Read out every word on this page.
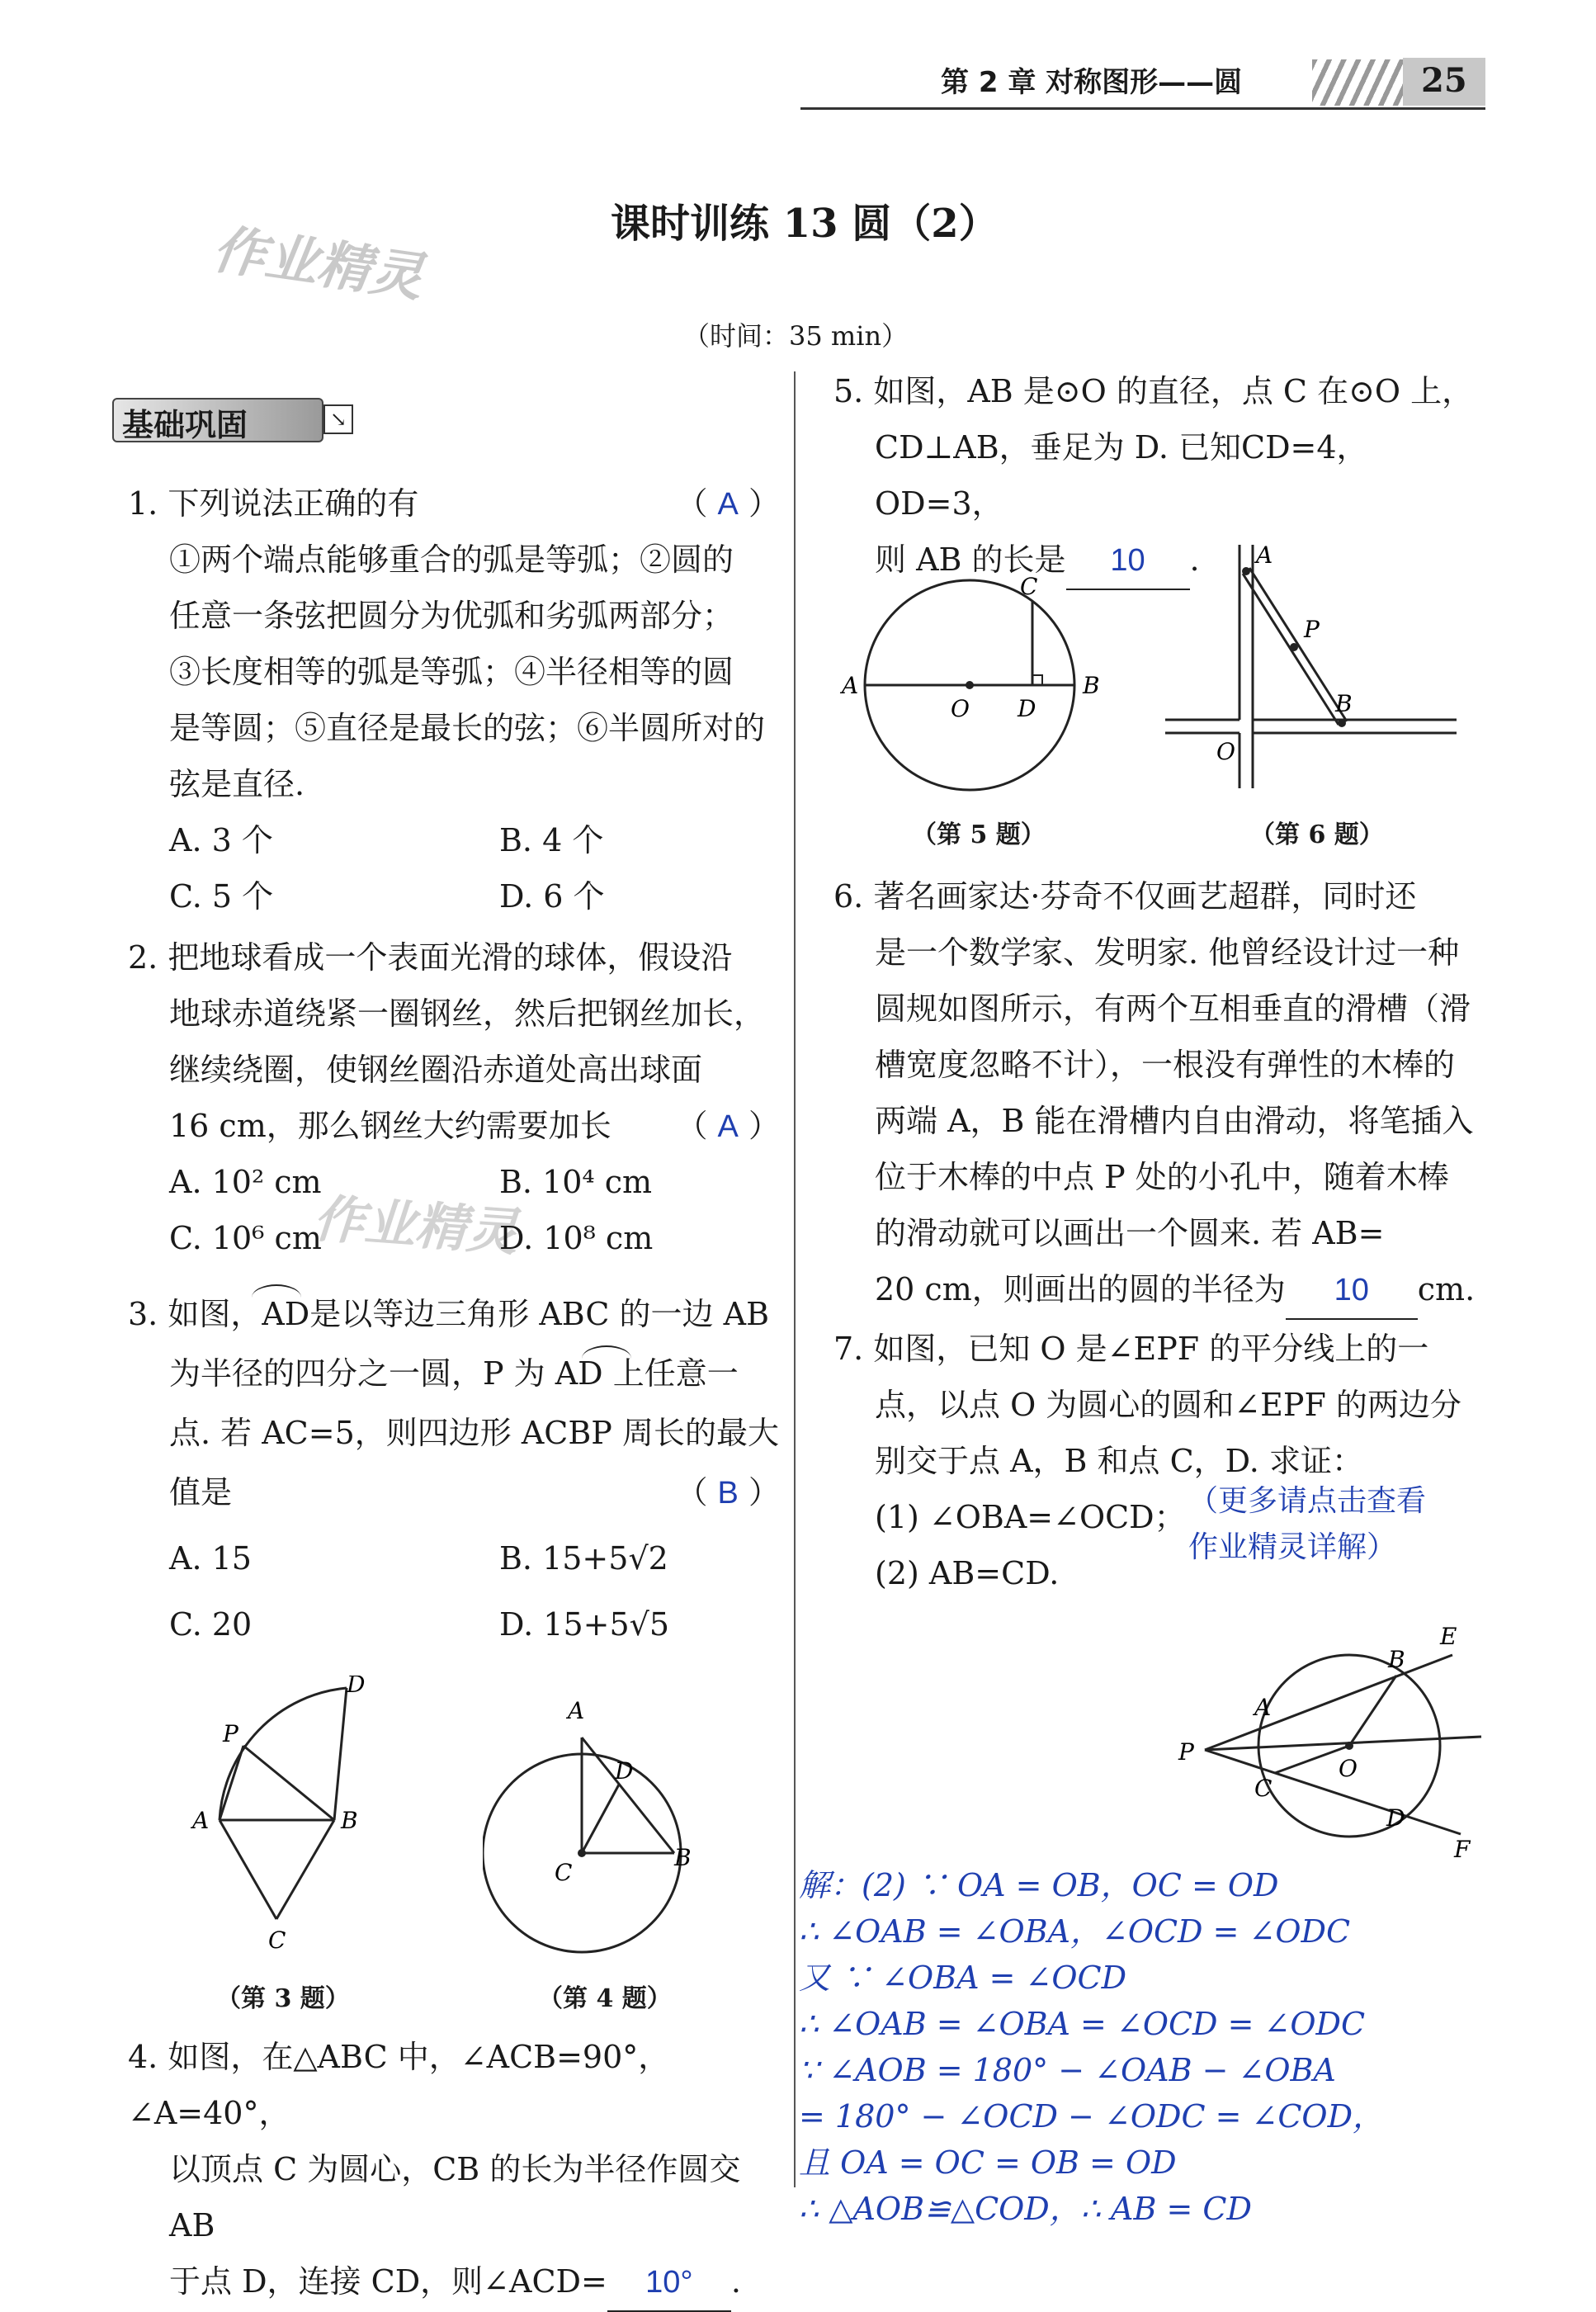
第 2 章 对称图形——圆	25
作业精灵
作业精灵
课时训练 13 圆（2）
（时间：35 min）
基础巩固	↘
1. 下列说法正确的有	（ A ）
①两个端点能够重合的弧是等弧；②圆的
任意一条弦把圆分为优弧和劣弧两部分；
③长度相等的弧是等弧；④半径相等的圆
是等圆；⑤直径是最长的弦；⑥半圆所对的
弦是直径.
A. 3 个	B. 4 个
C. 5 个	D. 6 个
2. 把地球看成一个表面光滑的球体，假设沿
地球赤道绕紧一圈钢丝，然后把钢丝加长，
继续绕圈，使钢丝圈沿赤道处高出球面
16 cm，那么钢丝大约需要加长 （ A ）
A. 10² cm	B. 10⁴ cm
C. 10⁶ cm	D. 10⁸ cm
3. 如图，AD是以等边三角形 ABC 的一边 AB
为半径的四分之一圆，P 为 AD 上任意一
点. 若 AC=5，则四边形 ACBP 周长的最大
值是	（ B ）
A. 15	B. 15+5√2
C. 20	D. 15+5√5
D
P
A	B
C
（第 3 题）
A
D
C
B
（第 4 题）
4. 如图，在△ABC 中，∠ACB=90°，∠A=40°，
以顶点 C 为圆心，CB 的长为半径作圆交 AB
于点 D，连接 CD，则∠ACD= 10° .
5. 如图，AB 是⊙O 的直径，点 C 在⊙O 上，
CD⊥AB，垂足为 D. 已知CD=4，OD=3，
则 AB 的长是 10 .
A	B
C
O D
（第 5 题）
A
P
B
O
（第 6 题）
6. 著名画家达·芬奇不仅画艺超群，同时还
是一个数学家、发明家. 他曾经设计过一种
圆规如图所示，有两个互相垂直的滑槽（滑
槽宽度忽略不计），一根没有弹性的木棒的
两端 A，B 能在滑槽内自由滑动，将笔插入
位于木棒的中点 P 处的小孔中，随着木棒
的滑动就可以画出一个圆来. 若 AB=
20 cm，则画出的圆的半径为 10 cm.
7. 如图，已知 O 是∠EPF 的平分线上的一
点，以点 O 为圆心的圆和∠EPF 的两边分
别交于点 A，B 和点 C，D. 求证：
(1) ∠OBA=∠OCD；
(2) AB=CD.
（更多请点击查看
作业精灵详解）
E
B
A
P
O
C
D
F
解：(2) ∵ OA = OB，OC = OD
∴ ∠OAB = ∠OBA，∠OCD = ∠ODC
又 ∵ ∠OBA = ∠OCD
∴ ∠OAB = ∠OBA = ∠OCD = ∠ODC
∵ ∠AOB = 180° − ∠OAB − ∠OBA
= 180° − ∠OCD − ∠ODC = ∠COD，
且 OA = OC = OB = OD
∴ △AOB≌△COD，∴ AB = CD
